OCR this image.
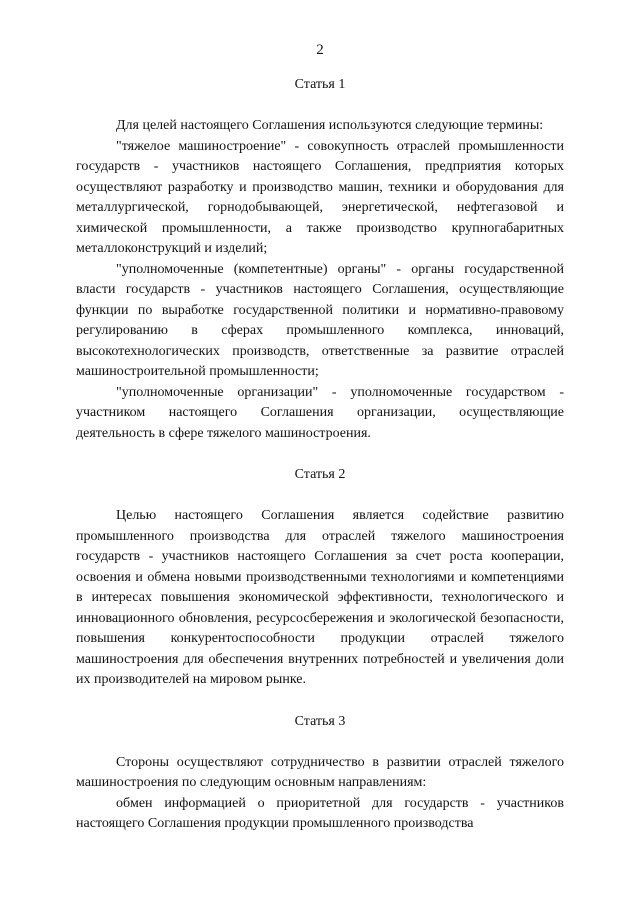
2

Статья 1

Для целей настоящего Соглашения используются следующие термины:

"тяжелое машиностроение" - совокупность отраслей промышленности государств - участников настоящего Соглашения, предприятия которых осуществляют разработку и производство машин, техники и оборудования для металлургической, горнодобывающей, энергетической, нефтегазовой и химической промышленности, а также производство крупногабаритных металлоконструкций и изделий;

"уполномоченные (компетентные) органы" - органы государственной власти государств - участников настоящего Соглашения, осуществляющие функции по выработке государственной политики и нормативно-правовому регулированию в сферах промышленного комплекса, инноваций, высокотехнологических производств, ответственные за развитие отраслей машиностроительной промышленности;

"уполномоченные организации" - уполномоченные государством - участником настоящего Соглашения организации, осуществляющие деятельность в сфере тяжелого машиностроения.

Статья 2

Целью настоящего Соглашения является содействие развитию промышленного производства для отраслей тяжелого машиностроения государств - участников настоящего Соглашения за счет роста кооперации, освоения и обмена новыми производственными технологиями и компетенциями в интересах повышения экономической эффективности, технологического и инновационного обновления, ресурсосбережения и экологической безопасности, повышения конкурентоспособности продукции отраслей тяжелого машиностроения для обеспечения внутренних потребностей и увеличения доли их производителей на мировом рынке.

Статья 3

Стороны осуществляют сотрудничество в развитии отраслей тяжелого машиностроения по следующим основным направлениям:

обмен информацией о приоритетной для государств - участников настоящего Соглашения продукции промышленного производства
